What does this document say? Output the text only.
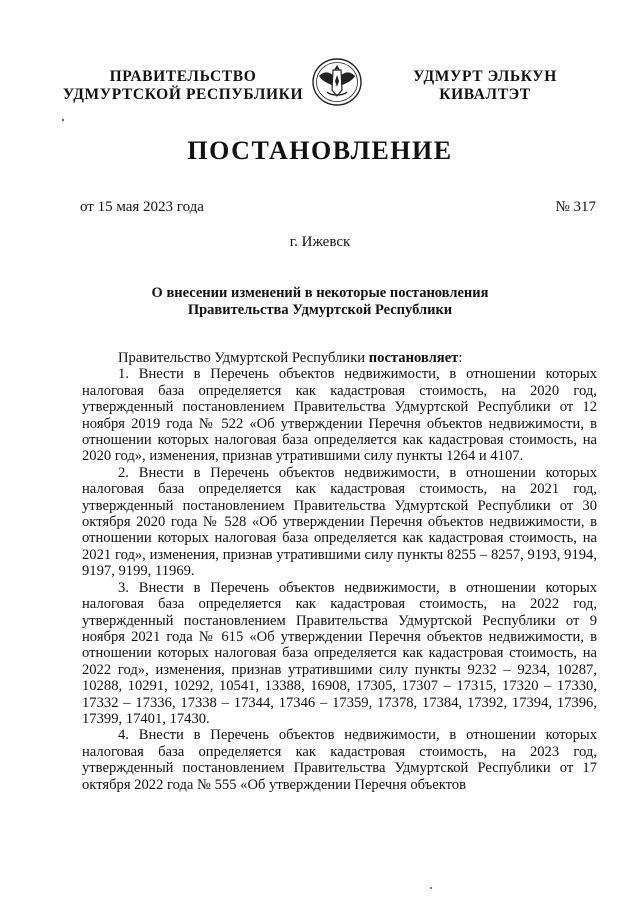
ПРАВИТЕЛЬСТВО
УДМУРТСКОЙ РЕСПУБЛИКИ
УДМУРТ ЭЛЬКУН
КИВАЛТЭТ
ПОСТАНОВЛЕНИЕ
от 15 мая 2023 года	№ 317
г. Ижевск
О внесении изменений в некоторые постановления
Правительства Удмуртской Республики

Правительство Удмуртской Республики постановляет:

1. Внести в Перечень объектов недвижимости, в отношении которых налоговая база определяется как кадастровая стоимость, на 2020 год, утвержденный постановлением Правительства Удмуртской Республики от 12 ноября 2019 года № 522 «Об утверждении Перечня объектов недвижимости, в отношении которых налоговая база определяется как кадастровая стоимость, на 2020 год», изменения, признав утратившими силу пункты 1264 и 4107.

2. Внести в Перечень объектов недвижимости, в отношении которых налоговая база определяется как кадастровая стоимость, на 2021 год, утвержденный постановлением Правительства Удмуртской Республики от 30 октября 2020 года № 528 «Об утверждении Перечня объектов недвижимости, в отношении которых налоговая база определяется как кадастровая стоимость, на 2021 год», изменения, признав утратившими силу пункты 8255 – 8257, 9193, 9194, 9197, 9199, 11969.

3. Внести в Перечень объектов недвижимости, в отношении которых налоговая база определяется как кадастровая стоимость, на 2022 год, утвержденный постановлением Правительства Удмуртской Республики от 9 ноября 2021 года № 615 «Об утверждении Перечня объектов недвижимости, в отношении которых налоговая база определяется как кадастровая стоимость, на 2022 год», изменения, признав утратившими силу пункты 9232 – 9234, 10287, 10288, 10291, 10292, 10541, 13388, 16908, 17305, 17307 – 17315, 17320 – 17330, 17332 – 17336, 17338 – 17344, 17346 – 17359, 17378, 17384, 17392, 17394, 17396, 17399, 17401, 17430.

4. Внести в Перечень объектов недвижимости, в отношении которых налоговая база определяется как кадастровая стоимость, на 2023 год, утвержденный постановлением Правительства Удмуртской Республики от 17 октября 2022 года № 555 «Об утверждении Перечня объектов
